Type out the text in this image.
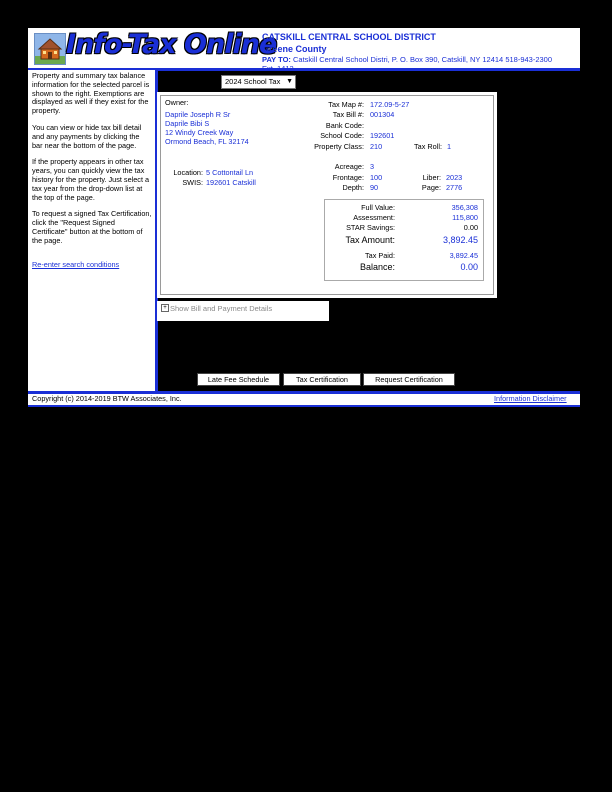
Info-Tax Online
CATSKILL CENTRAL SCHOOL DISTRICT
Greene County
PAY TO: Catskill Central School Distri, P. O. Box 390, Catskill, NY 12414 518-943-2300

Property and summary tax balance information for the selected parcel is shown to the right. Exemptions are displayed as well if they exist for the property.

You can view or hide tax bill detail and any payments by clicking the bar near the bottom of the page.

If the property appears in other tax years, you can quickly view the tax history for the property. Just select a tax year from the drop-down list at the top of the page.

To request a signed Tax Certification, click the "Request Signed Certificate" button at the bottom of the page.

Re-enter search conditions
2024 School Tax ▼
Owner:
Daprile Joseph R Sr
Daprile Bibi S
12 Windy Creek Way
Ormond Beach, FL 32174
Tax Map #: 172.09-5-27
Tax Bill #: 001304
Bank Code:
School Code: 192601
Property Class: 210	Tax Roll: 1
Location: 5 Cottontail Ln
SWIS: 192601 Catskill
Acreage: 3
Frontage: 100
Depth: 90
Liber: 2023
Page: 2776
Full Value:	356,308
Assessment:	115,800
STAR Savings:	0.00
Tax Amount:	3,892.45
Tax Paid:	3,892.45
Balance:	0.00
+ Show Bill and Payment Details
Late Fee Schedule	Tax Certification	Request Certification
Copyright (c) 2014-2019 BTW Associates, Inc.	Information Disclaimer
